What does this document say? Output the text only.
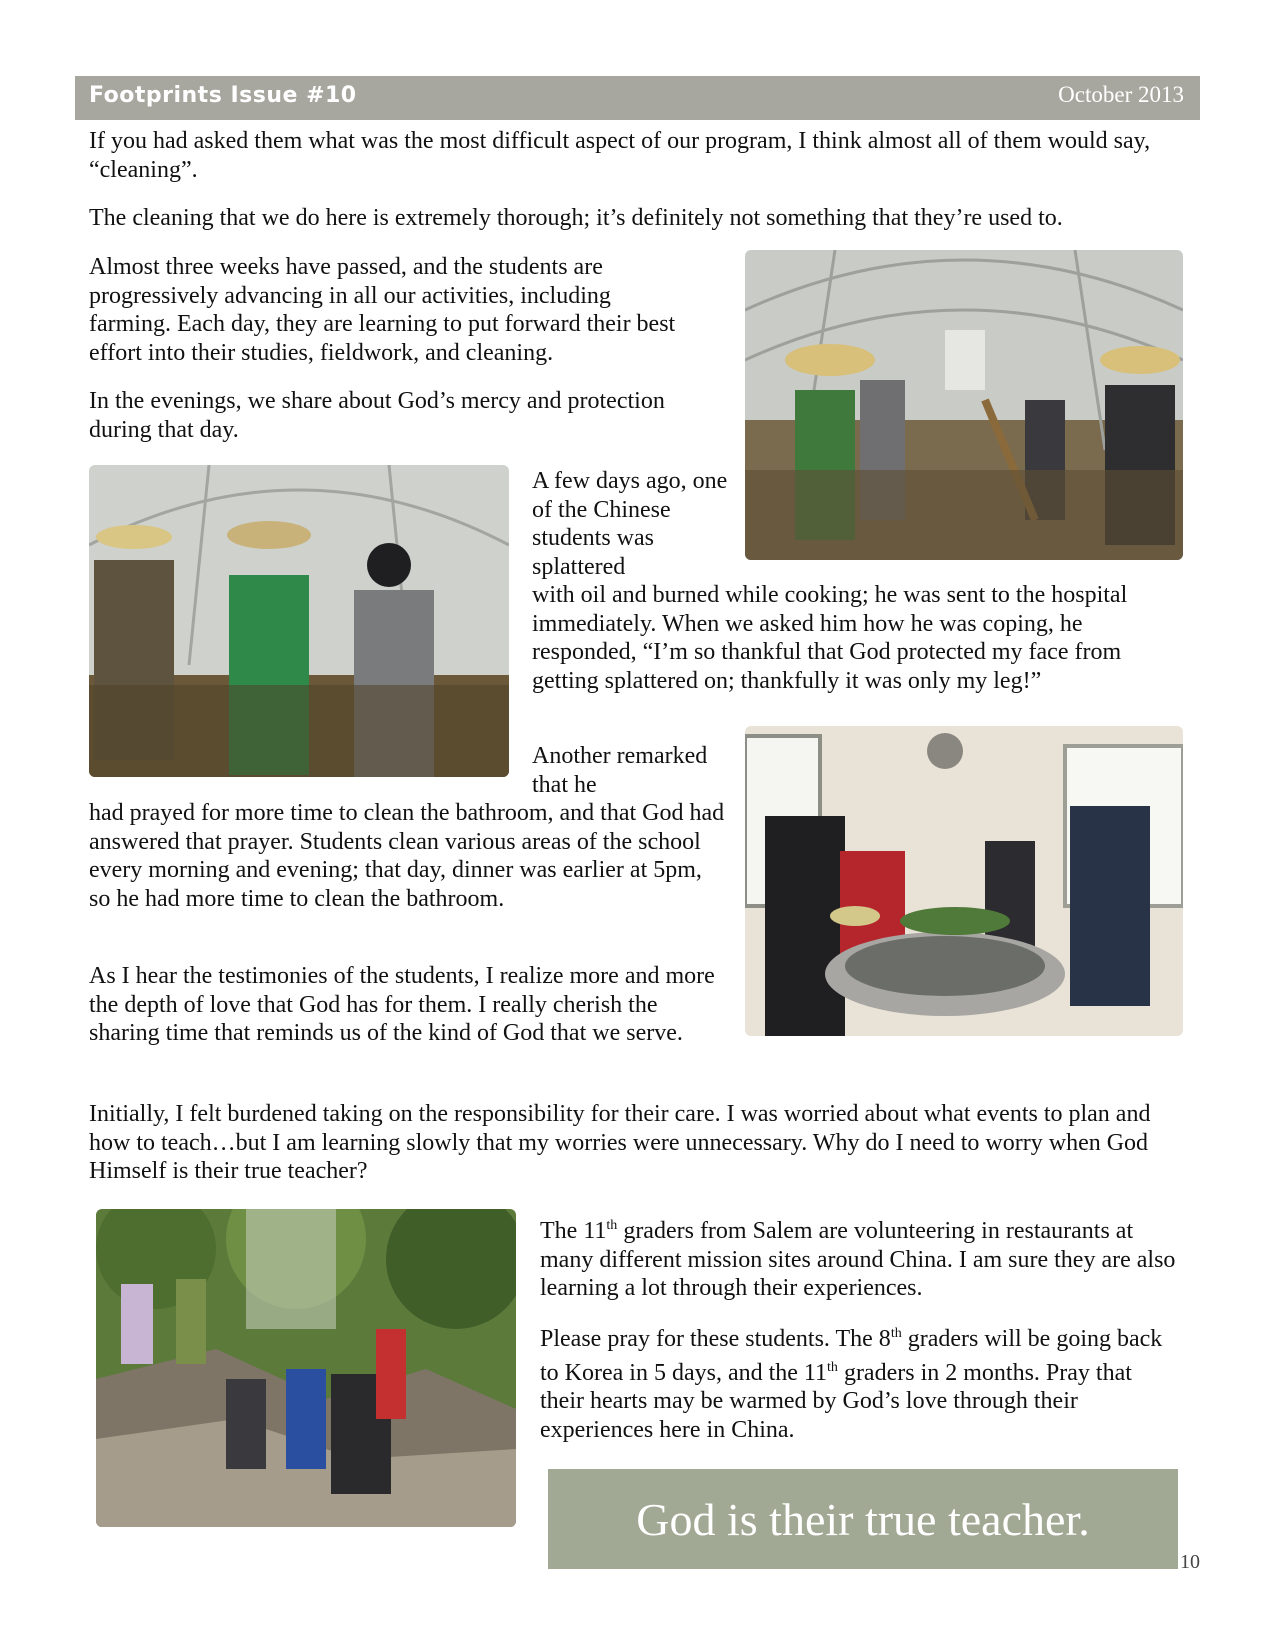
Footprints Issue #10	October 2013

If you had asked them what was the most difficult aspect of our program, I think almost all of them would say, “cleaning”.

The cleaning that we do here is extremely thorough; it’s definitely not something that they’re used to.

Almost three weeks have passed, and the students are progressively advancing in all our activities, including farming. Each day, they are learning to put forward their best effort into their studies, fieldwork, and cleaning.

In the evenings, we share about God’s mercy and protection during that day.

A few days ago, one of the Chinese students was splattered

with oil and burned while cooking; he was sent to the hospital immediately. When we asked him how he was coping, he responded, “I’m so thankful that God protected my face from getting splattered on; thankfully it was only my leg!”

Another remarked that he

had prayed for more time to clean the bathroom, and that God had answered that prayer. Students clean various areas of the school every morning and evening; that day, dinner was earlier at 5pm, so he had more time to clean the bathroom.

As I hear the testimonies of the students, I realize more and more the depth of love that God has for them. I really cherish the sharing time that reminds us of the kind of God that we serve.

Initially, I felt burdened taking on the responsibility for their care. I was worried about what events to plan and how to teach…but I am learning slowly that my worries were unnecessary. Why do I need to worry when God Himself is their true teacher?

The 11th graders from Salem are volunteering in restaurants at many different mission sites around China. I am sure they are also learning a lot through their experiences.

Please pray for these students. The 8th graders will be going back to Korea in 5 days, and the 11th graders in 2 months. Pray that their hearts may be warmed by God’s love through their experiences here in China.

God is their true teacher.
10
